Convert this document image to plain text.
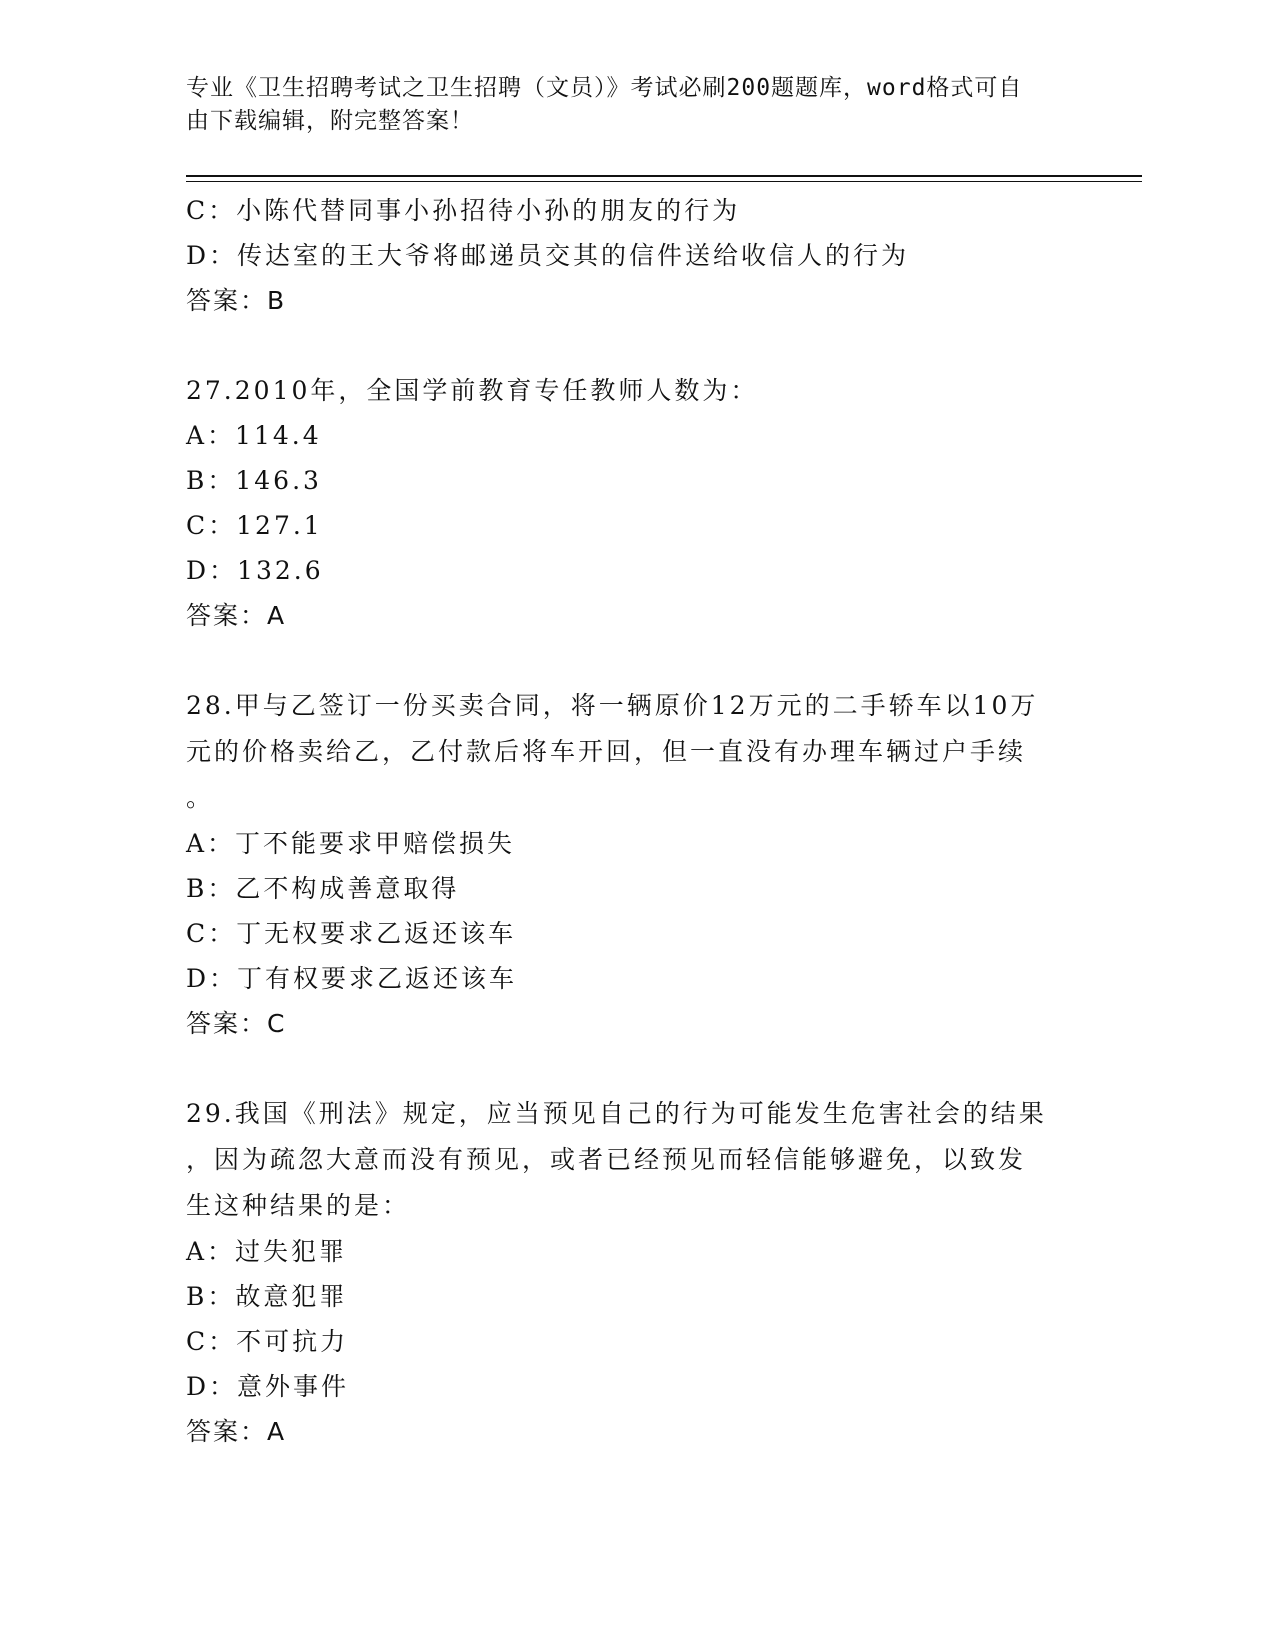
专业《卫生招聘考试之卫生招聘（文员）》考试必刷200题题库，word格式可自
由下载编辑，附完整答案！
C：小陈代替同事小孙招待小孙的朋友的行为
D：传达室的王大爷将邮递员交其的信件送给收信人的行为
答案：B
27.2010年，全国学前教育专任教师人数为：
A：114.4
B：146.3
C：127.1
D：132.6
答案：A
28.甲与乙签订一份买卖合同，将一辆原价12万元的二手轿车以10万
元的价格卖给乙，乙付款后将车开回，但一直没有办理车辆过户手续
。
A：丁不能要求甲赔偿损失
B：乙不构成善意取得
C：丁无权要求乙返还该车
D：丁有权要求乙返还该车
答案：C
29.我国《刑法》规定，应当预见自己的行为可能发生危害社会的结果
，因为疏忽大意而没有预见，或者已经预见而轻信能够避免，以致发
生这种结果的是：
A：过失犯罪
B：故意犯罪
C：不可抗力
D：意外事件
答案：A
